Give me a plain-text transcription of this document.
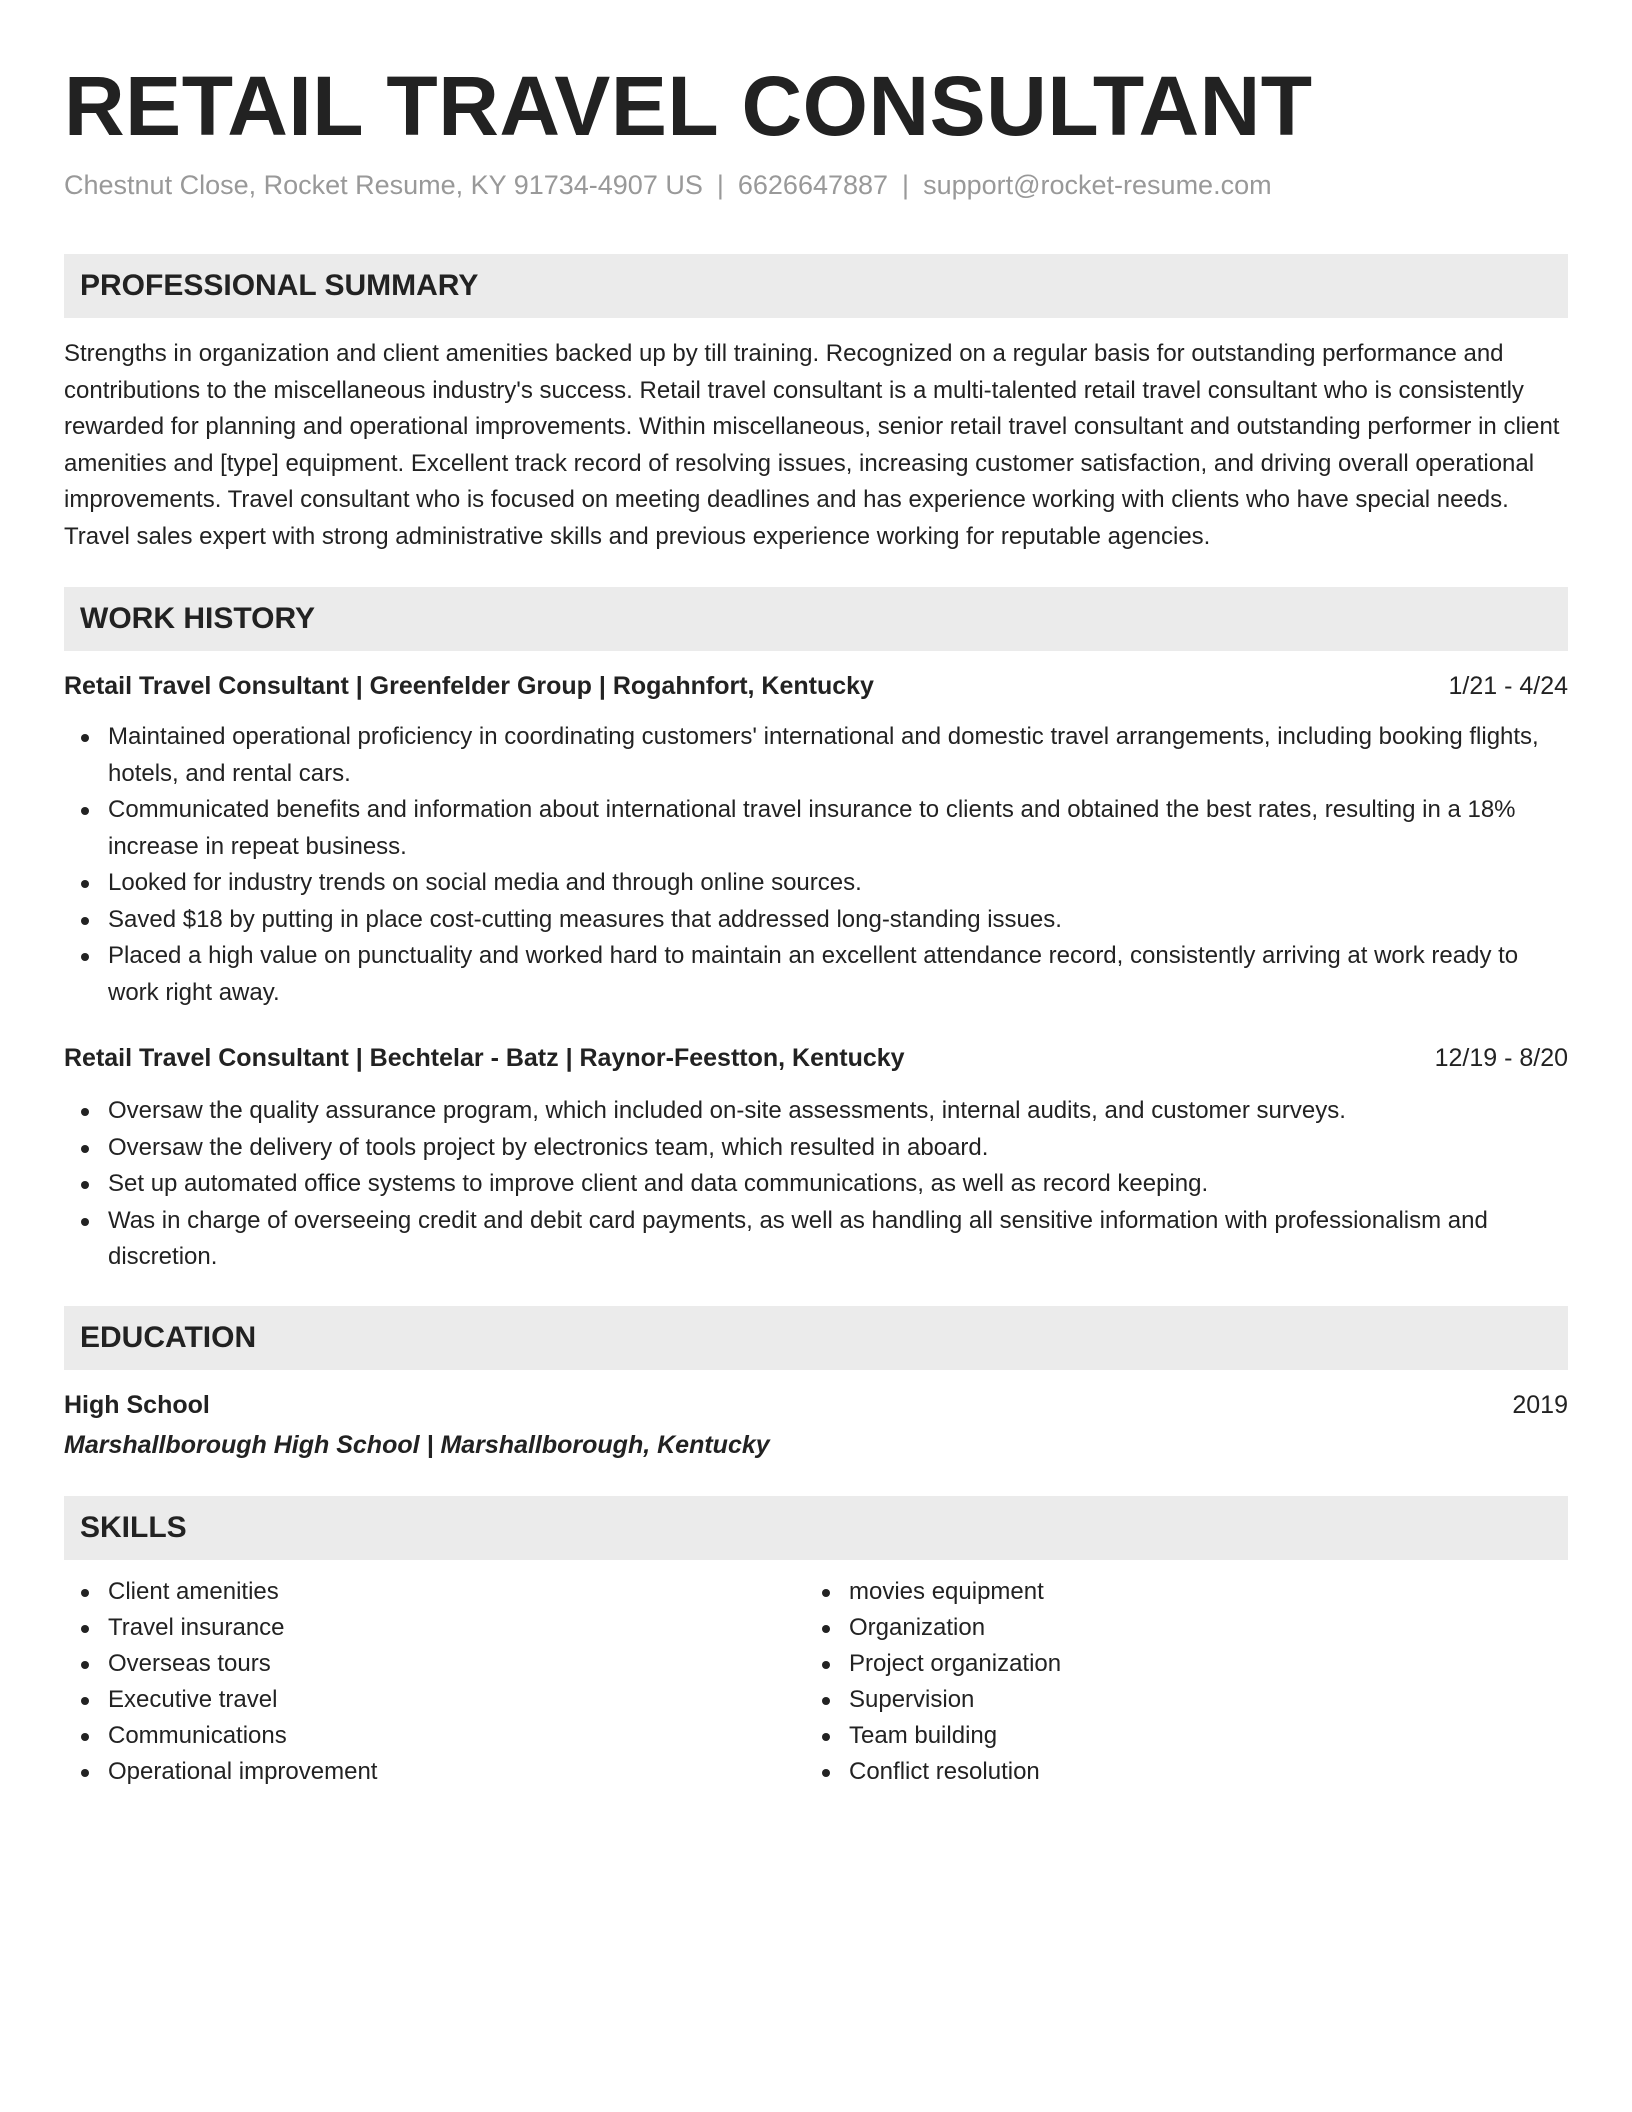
RETAIL TRAVEL CONSULTANT
Chestnut Close, Rocket Resume, KY 91734-4907 US | 6626647887 | support@rocket-resume.com
PROFESSIONAL SUMMARY
Strengths in organization and client amenities backed up by till training. Recognized on a regular basis for outstanding performance and contributions to the miscellaneous industry's success. Retail travel consultant is a multi-talented retail travel consultant who is consistently rewarded for planning and operational improvements. Within miscellaneous, senior retail travel consultant and outstanding performer in client amenities and [type] equipment. Excellent track record of resolving issues, increasing customer satisfaction, and driving overall operational improvements. Travel consultant who is focused on meeting deadlines and has experience working with clients who have special needs. Travel sales expert with strong administrative skills and previous experience working for reputable agencies.
WORK HISTORY
Retail Travel Consultant | Greenfelder Group | Rogahnfort, Kentucky	1/21 - 4/24
Maintained operational proficiency in coordinating customers' international and domestic travel arrangements, including booking flights, hotels, and rental cars.
Communicated benefits and information about international travel insurance to clients and obtained the best rates, resulting in a 18% increase in repeat business.
Looked for industry trends on social media and through online sources.
Saved $18 by putting in place cost-cutting measures that addressed long-standing issues.
Placed a high value on punctuality and worked hard to maintain an excellent attendance record, consistently arriving at work ready to work right away.
Retail Travel Consultant | Bechtelar - Batz | Raynor-Feestton, Kentucky	12/19 - 8/20
Oversaw the quality assurance program, which included on-site assessments, internal audits, and customer surveys.
Oversaw the delivery of tools project by electronics team, which resulted in aboard.
Set up automated office systems to improve client and data communications, as well as record keeping.
Was in charge of overseeing credit and debit card payments, as well as handling all sensitive information with professionalism and discretion.
EDUCATION
High School	2019
Marshallborough High School | Marshallborough, Kentucky
SKILLS
Client amenities
Travel insurance
Overseas tours
Executive travel
Communications
Operational improvement
movies equipment
Organization
Project organization
Supervision
Team building
Conflict resolution
